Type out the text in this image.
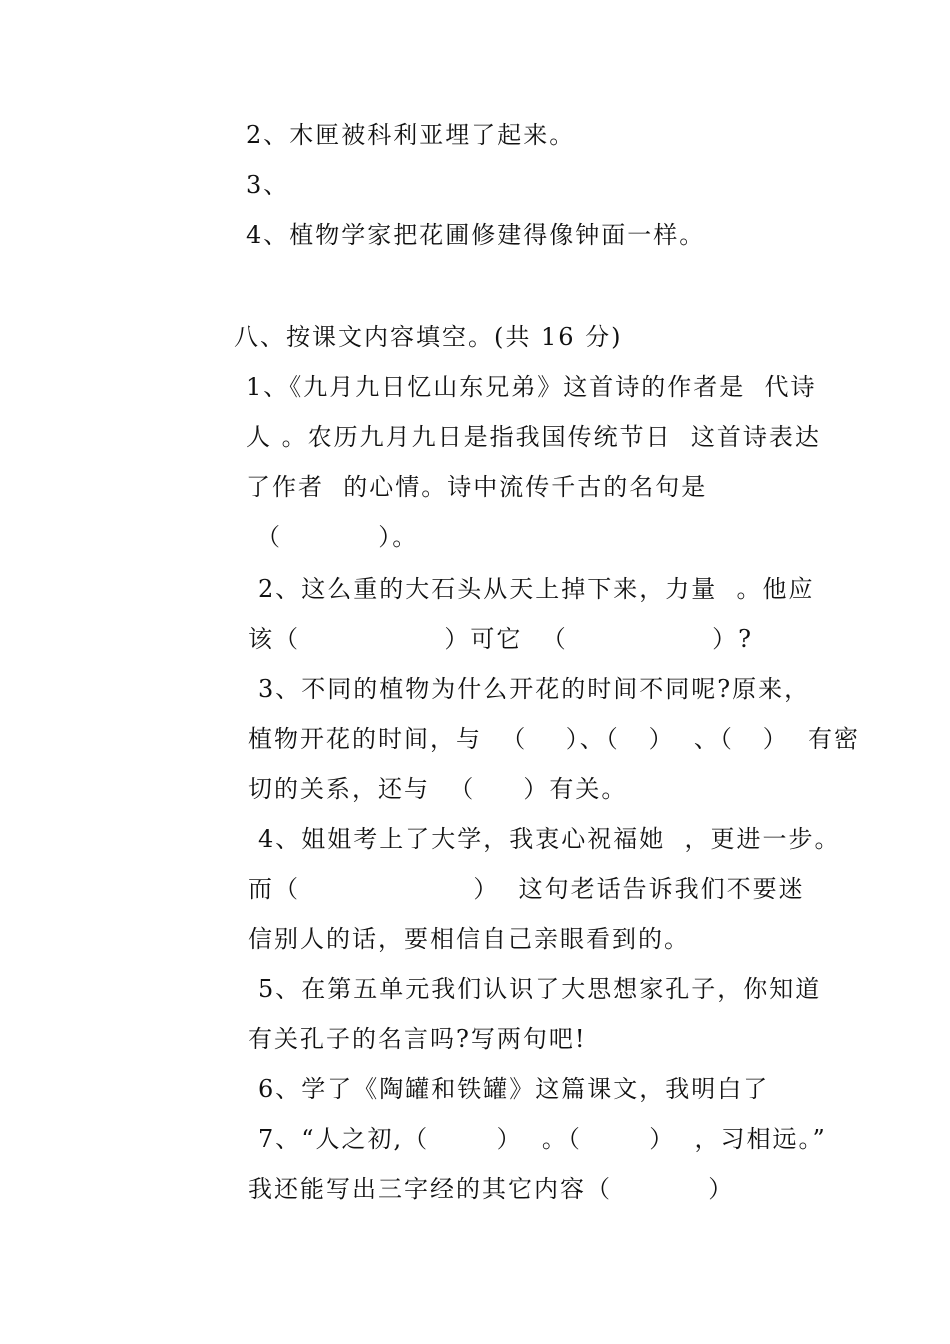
2、木匣被科利亚埋了起来。
3、
4、植物学家把花圃修建得像钟面一样。
八、按课文内容填空。(共 16 分)
1、《九月九日忆山东兄弟》这首诗的作者是  代诗
人 。农历九月九日是指我国传统节日  这首诗表达
了作者  的心情。诗中流传千古的名句是
（          ）。
2、这么重的大石头从天上掉下来，力量  。他应
该（               ）可它  （               ）?
3、不同的植物为什么开花的时间不同呢?原来，
植物开花的时间，与  （    ）、（   ）  、（   ）  有密
切的关系，还与  （     ）有关。
4、姐姐考上了大学，我衷心祝福她  ，更进一步。
而（                  ）  这句老话告诉我们不要迷
信别人的话，要相信自己亲眼看到的。
5、在第五单元我们认识了大思想家孔子，你知道
有关孔子的名言吗?写两句吧!
6、学了《陶罐和铁罐》这篇课文，我明白了
7、“人之初,（       ）  。（       ）  ，习相远。”
我还能写出三字经的其它内容（          ）
